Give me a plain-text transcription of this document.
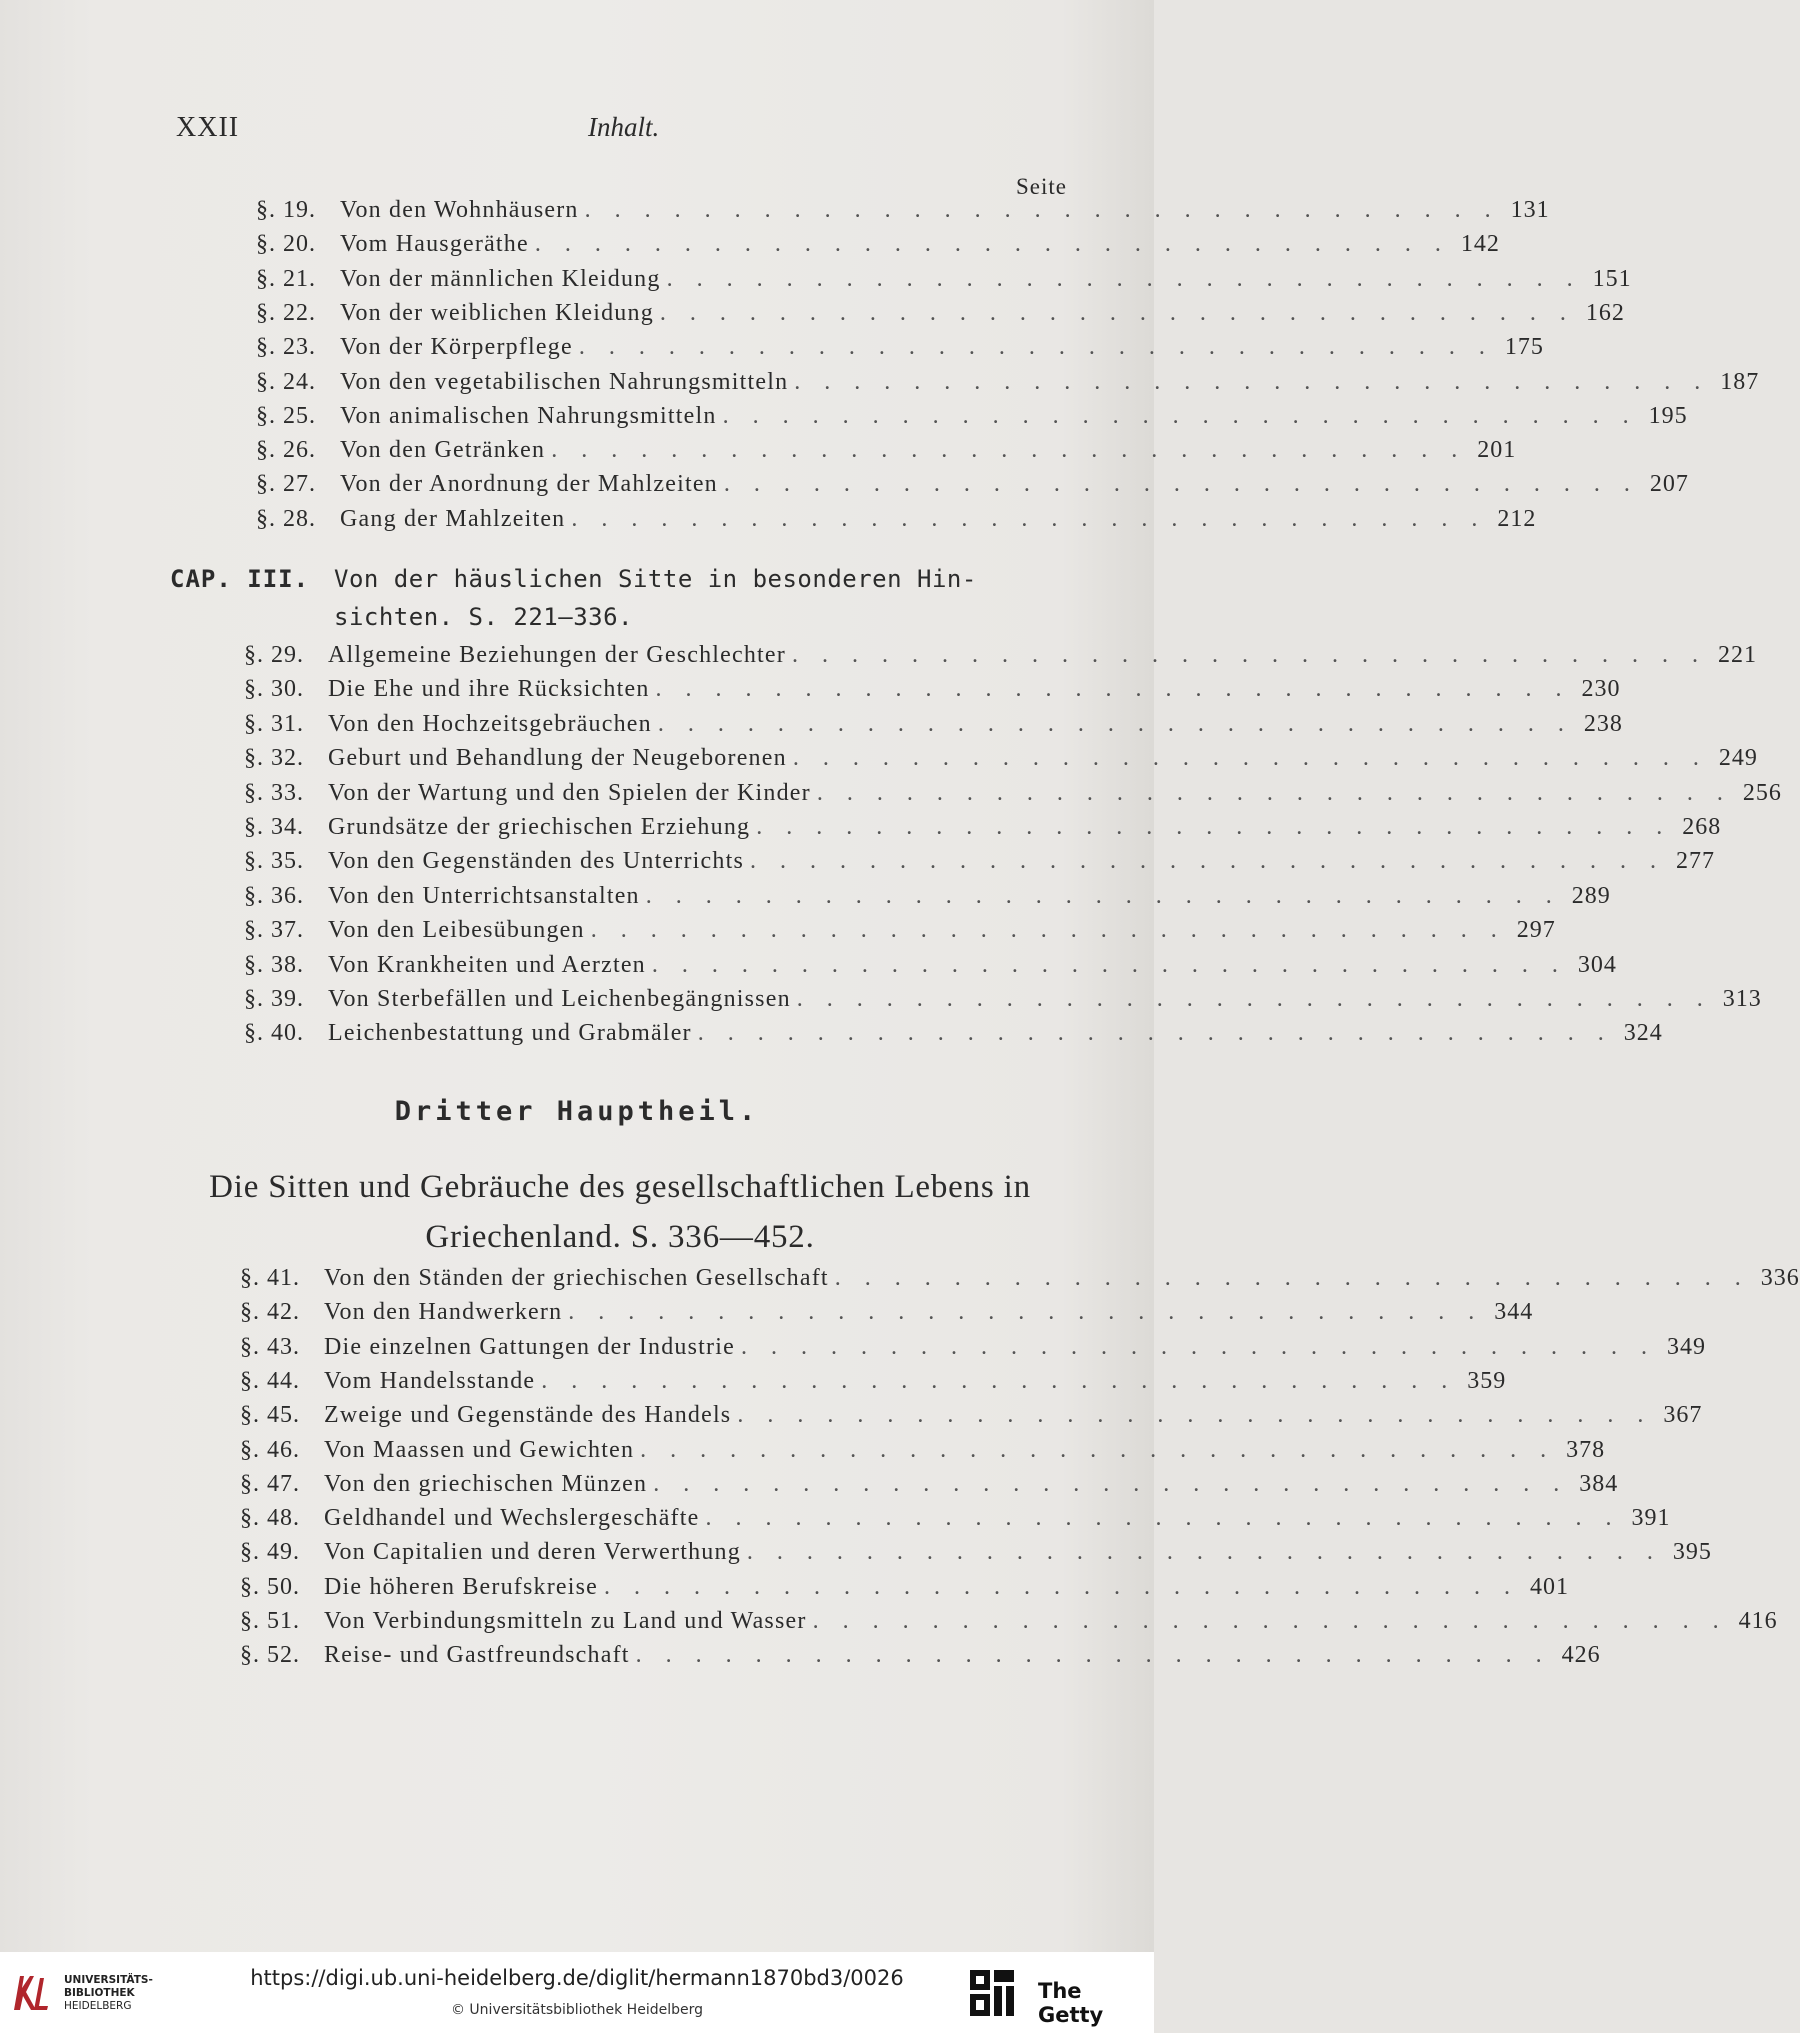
XXII	Inhalt.
Seite
§. 19.	Von den Wohnhäusern . . . . . . . . . . . . . . . . . . . . . . . . . . . . . . . 131
§. 20.	Vom Hausgeräthe . . . . . . . . . . . . . . . . . . . . . . . . . . . . . . . 142
§. 21.	Von der männlichen Kleidung . . . . . . . . . . . . . . . . . . . . . . . . . . . . . . . 151
§. 22.	Von der weiblichen Kleidung . . . . . . . . . . . . . . . . . . . . . . . . . . . . . . . 162
§. 23.	Von der Körperpflege . . . . . . . . . . . . . . . . . . . . . . . . . . . . . . . 175
§. 24.	Von den vegetabilischen Nahrungsmitteln . . . . . . . . . . . . . . . . . . . . . . . . . . . . . . . 187
§. 25.	Von animalischen Nahrungsmitteln . . . . . . . . . . . . . . . . . . . . . . . . . . . . . . . 195
§. 26.	Von den Getränken . . . . . . . . . . . . . . . . . . . . . . . . . . . . . . . 201
§. 27.	Von der Anordnung der Mahlzeiten . . . . . . . . . . . . . . . . . . . . . . . . . . . . . . . 207
§. 28.	Gang der Mahlzeiten . . . . . . . . . . . . . . . . . . . . . . . . . . . . . . . 212
CAP. III. Von der häuslichen Sitte in besonderen Hin-
sichten. S. 221—336.
§. 29.	Allgemeine Beziehungen der Geschlechter . . . . . . . . . . . . . . . . . . . . . . . . . . . . . . . 221
§. 30.	Die Ehe und ihre Rücksichten . . . . . . . . . . . . . . . . . . . . . . . . . . . . . . . 230
§. 31.	Von den Hochzeitsgebräuchen . . . . . . . . . . . . . . . . . . . . . . . . . . . . . . . 238
§. 32.	Geburt und Behandlung der Neugeborenen . . . . . . . . . . . . . . . . . . . . . . . . . . . . . . . 249
§. 33.	Von der Wartung und den Spielen der Kinder . . . . . . . . . . . . . . . . . . . . . . . . . . . . . . . 256
§. 34.	Grundsätze der griechischen Erziehung . . . . . . . . . . . . . . . . . . . . . . . . . . . . . . . 268
§. 35.	Von den Gegenständen des Unterrichts . . . . . . . . . . . . . . . . . . . . . . . . . . . . . . . 277
§. 36.	Von den Unterrichtsanstalten . . . . . . . . . . . . . . . . . . . . . . . . . . . . . . . 289
§. 37.	Von den Leibesübungen . . . . . . . . . . . . . . . . . . . . . . . . . . . . . . . 297
§. 38.	Von Krankheiten und Aerzten . . . . . . . . . . . . . . . . . . . . . . . . . . . . . . . 304
§. 39.	Von Sterbefällen und Leichenbegängnissen . . . . . . . . . . . . . . . . . . . . . . . . . . . . . . . 313
§. 40.	Leichenbestattung und Grabmäler . . . . . . . . . . . . . . . . . . . . . . . . . . . . . . . 324
Dritter Hauptheil.
Die Sitten und Gebräuche des gesellschaftlichen Lebens in
Griechenland. S. 336—452.
§. 41.	Von den Ständen der griechischen Gesellschaft . . . . . . . . . . . . . . . . . . . . . . . . . . . . . . . 336
§. 42.	Von den Handwerkern . . . . . . . . . . . . . . . . . . . . . . . . . . . . . . . 344
§. 43.	Die einzelnen Gattungen der Industrie . . . . . . . . . . . . . . . . . . . . . . . . . . . . . . . 349
§. 44.	Vom Handelsstande . . . . . . . . . . . . . . . . . . . . . . . . . . . . . . . 359
§. 45.	Zweige und Gegenstände des Handels . . . . . . . . . . . . . . . . . . . . . . . . . . . . . . . 367
§. 46.	Von Maassen und Gewichten . . . . . . . . . . . . . . . . . . . . . . . . . . . . . . . 378
§. 47.	Von den griechischen Münzen . . . . . . . . . . . . . . . . . . . . . . . . . . . . . . . 384
§. 48.	Geldhandel und Wechslergeschäfte . . . . . . . . . . . . . . . . . . . . . . . . . . . . . . . 391
§. 49.	Von Capitalien und deren Verwerthung . . . . . . . . . . . . . . . . . . . . . . . . . . . . . . . 395
§. 50.	Die höheren Berufskreise . . . . . . . . . . . . . . . . . . . . . . . . . . . . . . . 401
§. 51.	Von Verbindungsmitteln zu Land und Wasser . . . . . . . . . . . . . . . . . . . . . . . . . . . . . . . 416
§. 52.	Reise- und Gastfreundschaft . . . . . . . . . . . . . . . . . . . . . . . . . . . . . . . 426
UNIVERSITÄTS-
BIBLIOTHEK
HEIDELBERG
https://digi.ub.uni-heidelberg.de/diglit/hermann1870bd3/0026
© Universitätsbibliothek Heidelberg
The Getty
